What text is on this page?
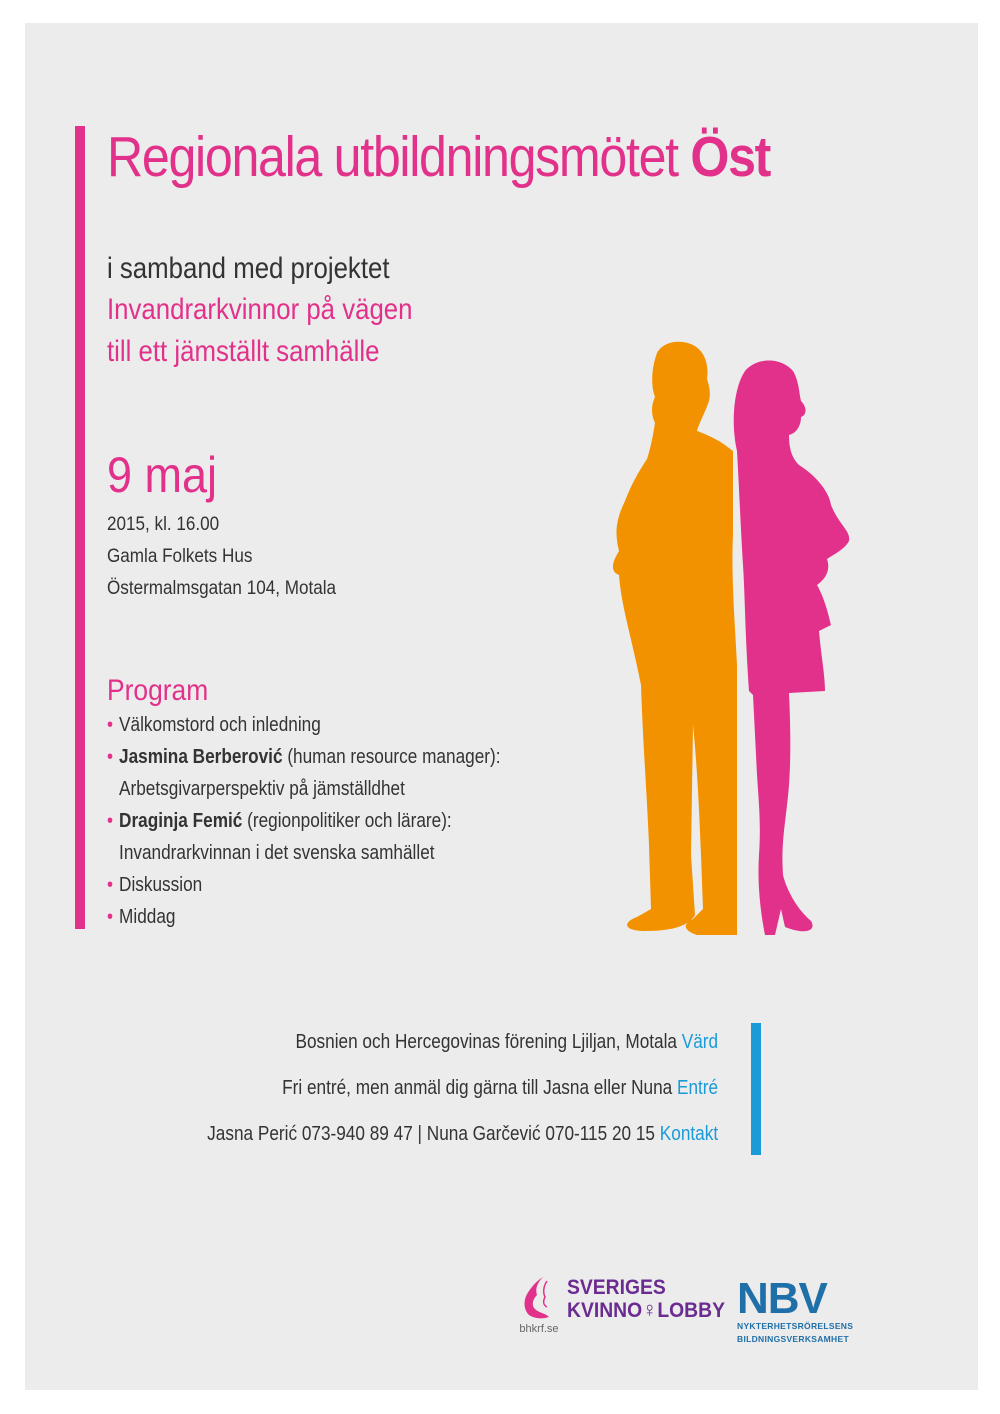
Regionala utbildningsmötet Öst
i samband med projektet
Invandrarkvinnor på vägen
till ett jämställt samhälle
9 maj
2015, kl. 16.00
Gamla Folkets Hus
Östermalmsgatan 104, Motala
Program
• Välkomstord och inledning
• Jasmina Berberović (human resource manager):
Arbetsgivarperspektiv på jämställdhet
• Draginja Femić (regionpolitiker och lärare):
Invandrarkvinnan i det svenska samhället
• Diskussion
• Middag
Bosnien och Hercegovinas förening Ljiljan, Motala Värd
Fri entré, men anmäl dig gärna till Jasna eller Nuna Entré
Jasna Perić 073-940 89 47 | Nuna Garčević 070-115 20 15 Kontakt
bhkrf.se
SVERIGES
KVINNO♀LOBBY NBV
NYKTERHETSRÖRELSENS
BILDNINGSVERKSAMHET
